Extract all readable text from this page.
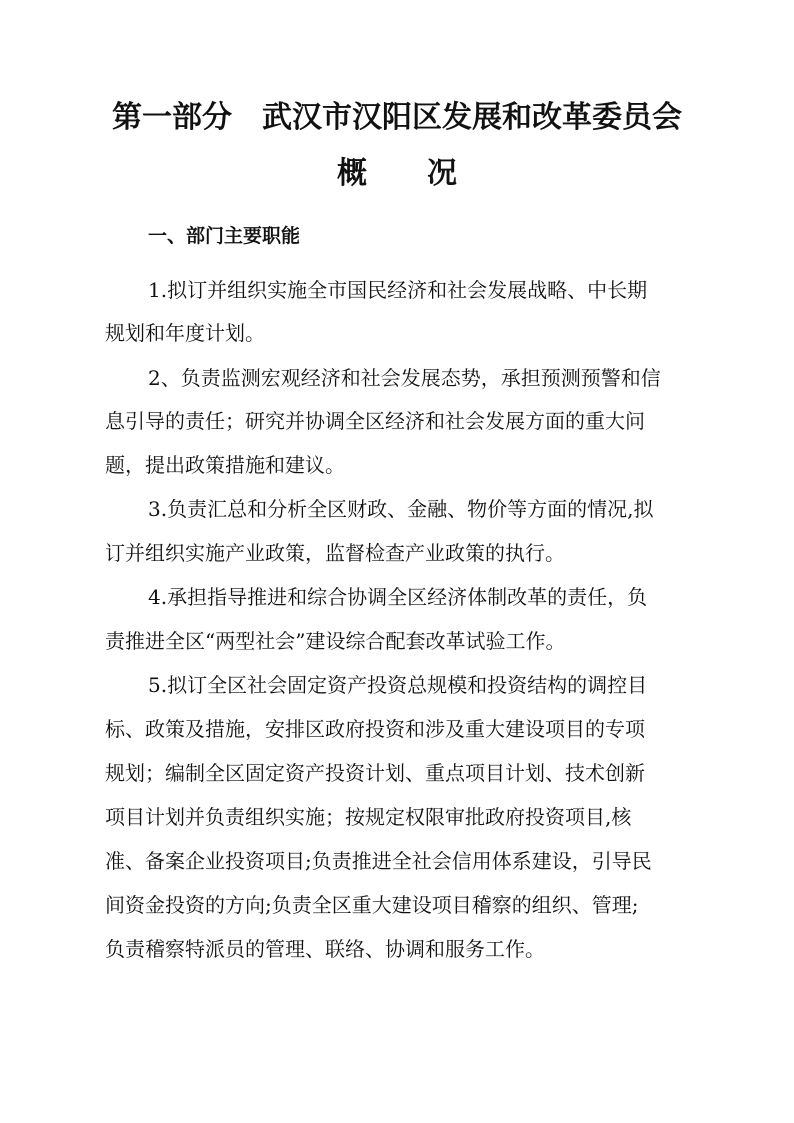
第一部分　武汉市汉阳区发展和改革委员会
概　　况
一、部门主要职能
1.拟订并组织实施全市国民经济和社会发展战略、中长期
规划和年度计划。
2、负责监测宏观经济和社会发展态势，承担预测预警和信
息引导的责任；研究并协调全区经济和社会发展方面的重大问
题，提出政策措施和建议。
3.负责汇总和分析全区财政、金融、物价等方面的情况,拟
订并组织实施产业政策，监督检查产业政策的执行。
4.承担指导推进和综合协调全区经济体制改革的责任，负
责推进全区“两型社会”建设综合配套改革试验工作。
5.拟订全区社会固定资产投资总规模和投资结构的调控目
标、政策及措施，安排区政府投资和涉及重大建设项目的专项
规划；编制全区固定资产投资计划、重点项目计划、技术创新
项目计划并负责组织实施；按规定权限审批政府投资项目,核
准、备案企业投资项目;负责推进全社会信用体系建设，引导民
间资金投资的方向;负责全区重大建设项目稽察的组织、管理;
负责稽察特派员的管理、联络、协调和服务工作。
